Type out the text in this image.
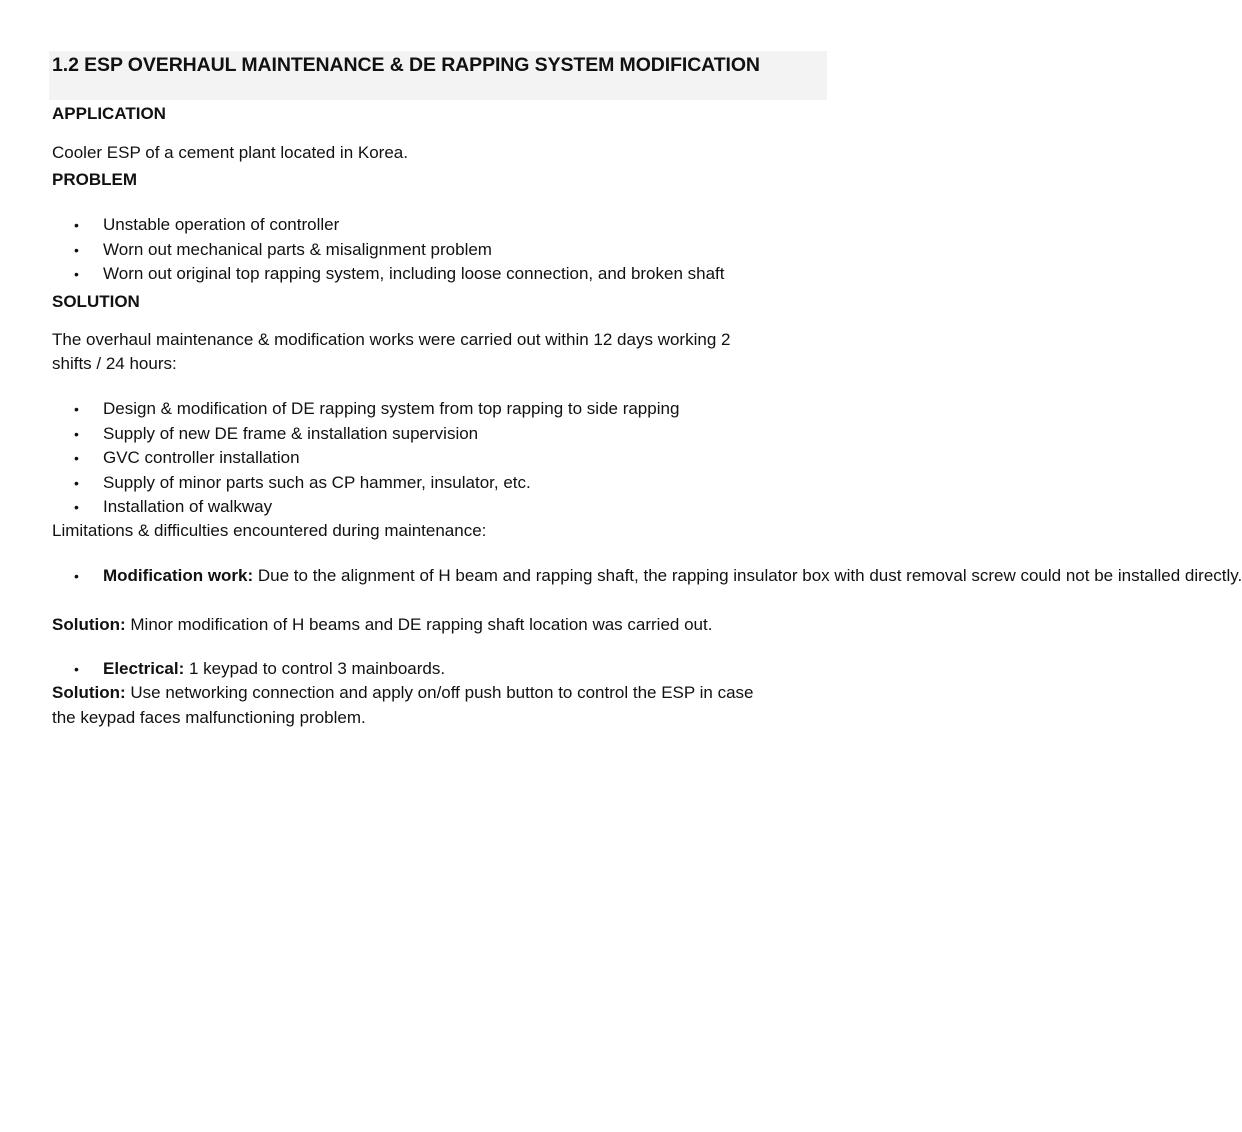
1.2 ESP OVERHAUL MAINTENANCE & DE RAPPING SYSTEM MODIFICATION

APPLICATION

Cooler ESP of a cement plant located in Korea.

PROBLEM

• Unstable operation of controller
• Worn out mechanical parts & misalignment problem
• Worn out original top rapping system, including loose connection, and broken shaft

SOLUTION

The overhaul maintenance & modification works were carried out within 12 days working 2

shifts / 24 hours:

• Design & modification of DE rapping system from top rapping to side rapping
• Supply of new DE frame & installation supervision
• GVC controller installation
• Supply of minor parts such as CP hammer, insulator, etc.
• Installation of walkway

Limitations & difficulties encountered during maintenance:

• Modification work: Due to the alignment of H beam and rapping shaft, the rapping insulator box with dust removal screw could not be installed directly.

Solution: Minor modification of H beams and DE rapping shaft location was carried out.

• Electrical: 1 keypad to control 3 mainboards.

Solution: Use networking connection and apply on/off push button to control the ESP in case

the keypad faces malfunctioning problem.
